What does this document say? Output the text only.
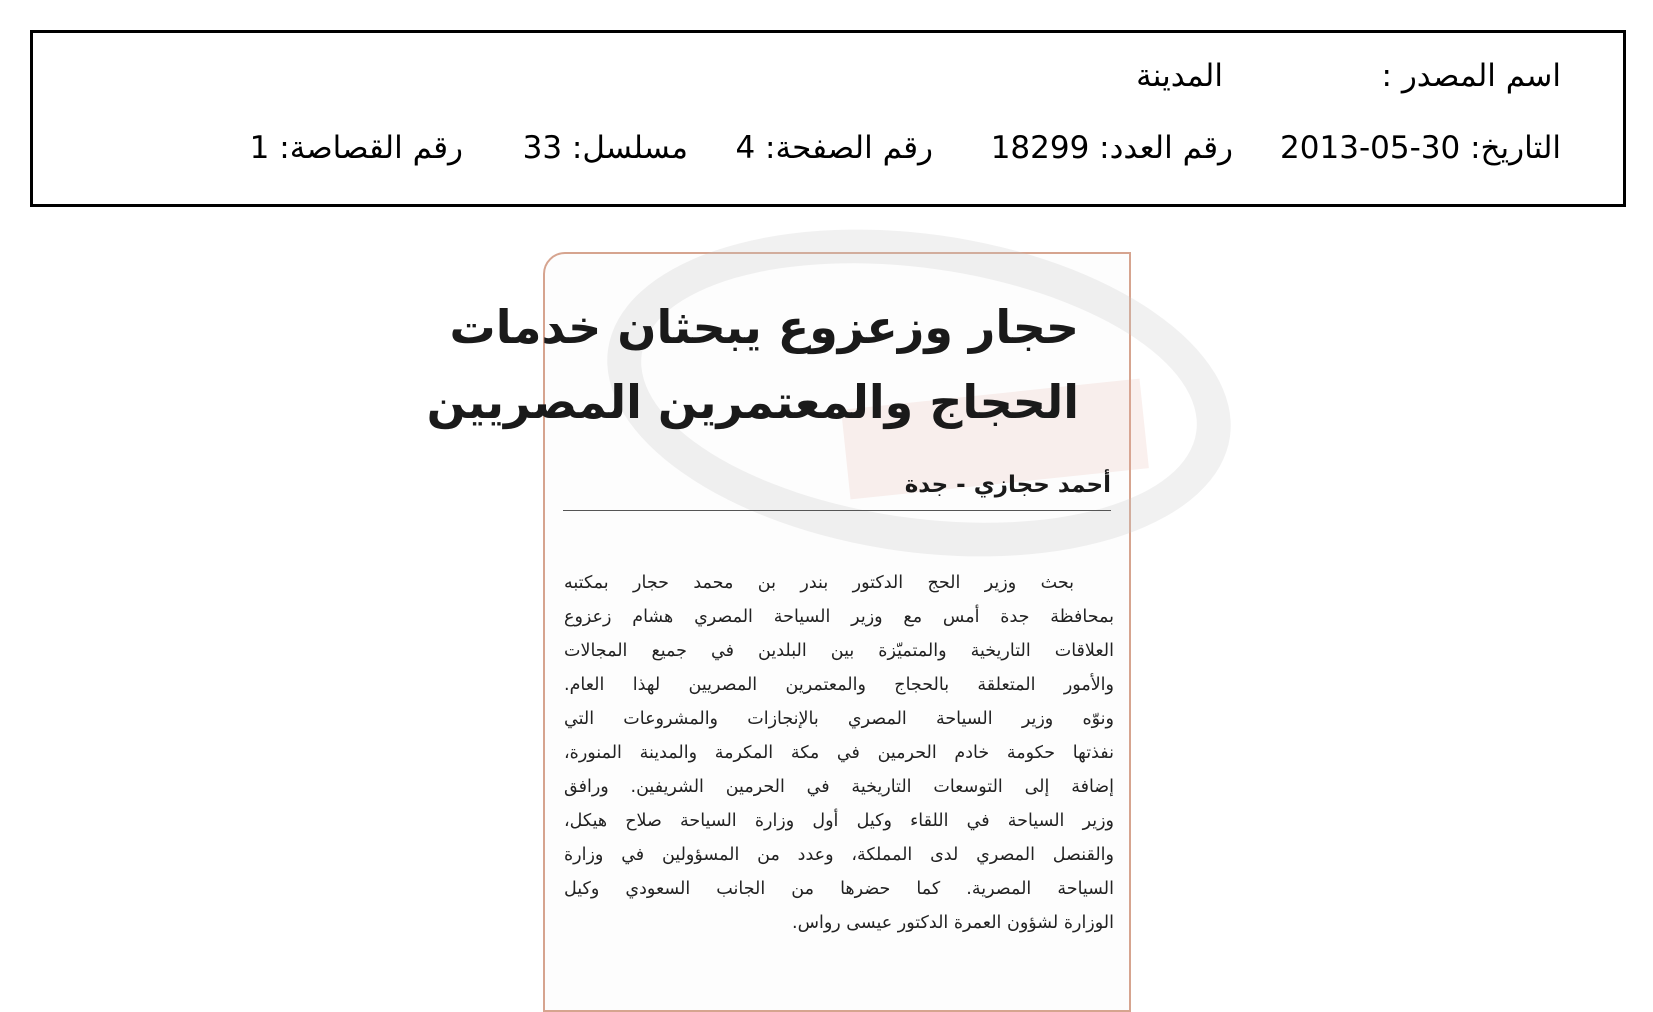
اسم المصدر :
المدينة
التاريخ: 30-05-2013
رقم العدد: 18299
رقم الصفحة: 4
مسلسل: 33
رقم القصاصة: 1
حجار وزعزوع يبحثان خدمات
الحجاج والمعتمرين المصريين
أحمد حجازي - جدة
بحث وزير الحج الدكتور بندر بن محمد حجار بمكتبه
بمحافظة جدة أمس مع وزير السياحة المصري هشام زعزوع
العلاقات التاريخية والمتميّزة بين البلدين في جميع المجالات
والأمور المتعلقة بالحجاج والمعتمرين المصريين لهذا العام.
ونوّه وزير السياحة المصري بالإنجازات والمشروعات التي
نفذتها حكومة خادم الحرمين في مكة المكرمة والمدينة المنورة،
إضافة إلى التوسعات التاريخية في الحرمين الشريفين. ورافق
وزير السياحة في اللقاء وكيل أول وزارة السياحة صلاح هيكل،
والقنصل المصري لدى المملكة، وعدد من المسؤولين في وزارة
السياحة المصرية. كما حضرها من الجانب السعودي وكيل
الوزارة لشؤون العمرة الدكتور عيسى رواس.
